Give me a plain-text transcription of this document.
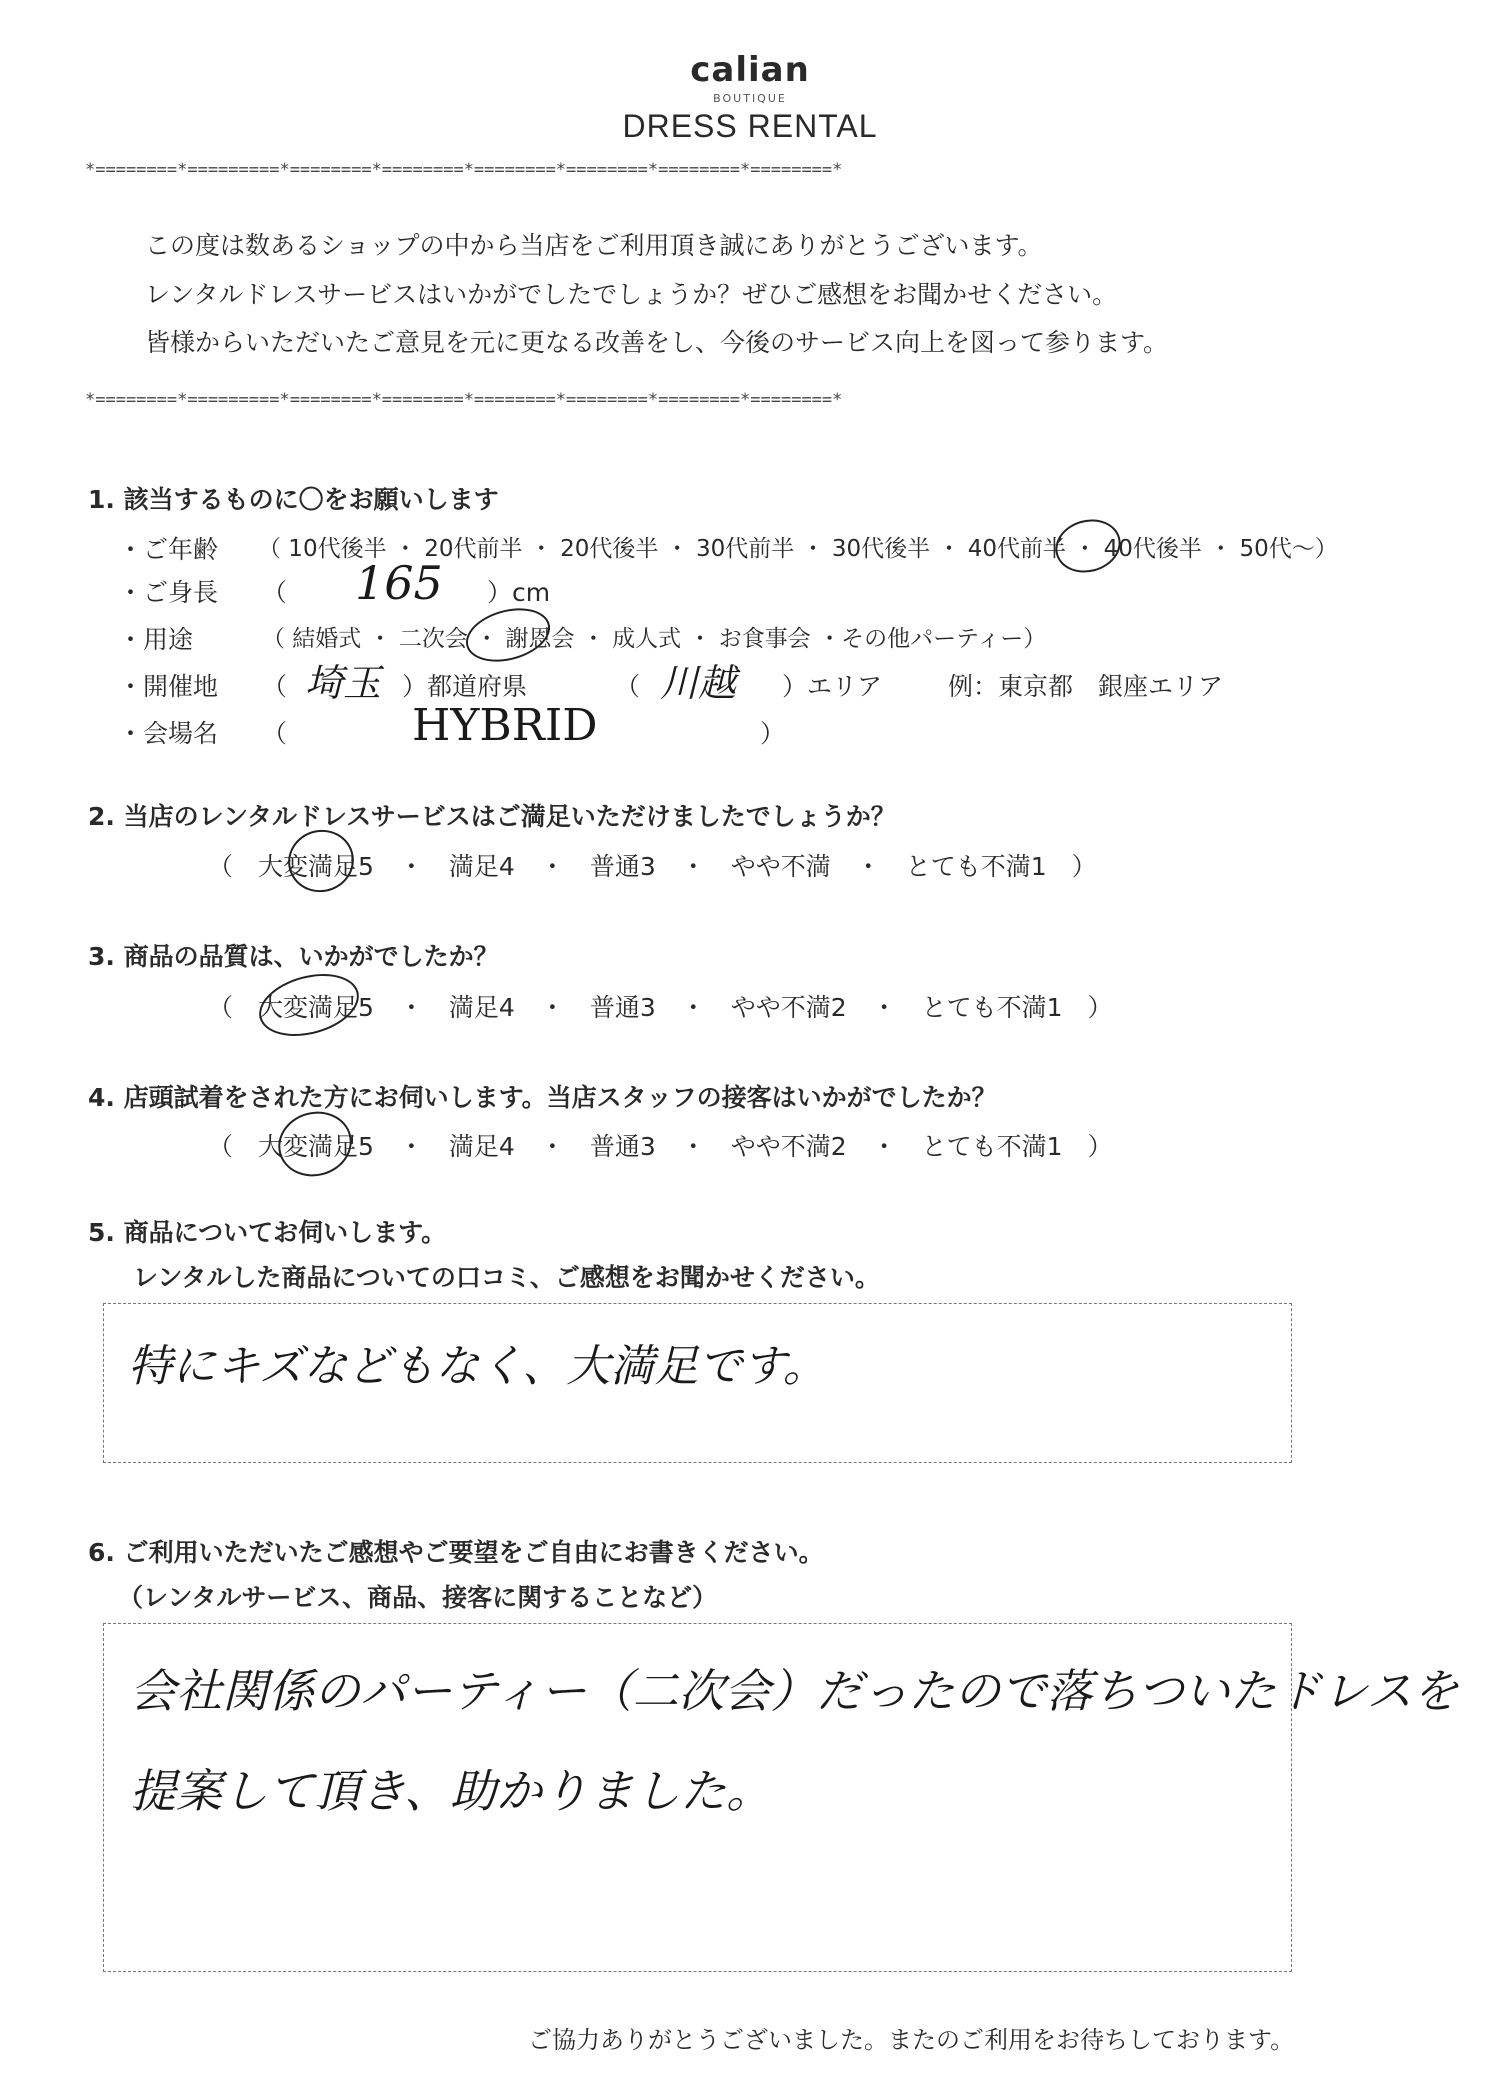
calian
BOUTIQUE
DRESS RENTAL
*========*=========*========*========*========*========*========*========*
この度は数あるショップの中から当店をご利用頂き誠にありがとうございます。
レンタルドレスサービスはいかがでしたでしょうか？ぜひご感想をお聞かせください。
皆様からいただいたご意見を元に更なる改善をし、今後のサービス向上を図って参ります。
*========*=========*========*========*========*========*========*========*
1. 該当するものに〇をお願いします
・ご年齢 （ 10代後半 ・ 20代前半 ・ 20代後半 ・ 30代前半 ・ 30代後半 ・ 40代前半 ・ 40代後半 ・ 50代～）
・ご身長 （ 165 ）cm
・用途	（ 結婚式 ・ 二次会 ・ 謝恩会 ・ 成人式 ・ お食事会 ・その他パーティー）
・開催地 （ 埼玉 ）都道府県	（ 川越 ）エリア	例：東京都　銀座エリア
・会場名 （	HYBRID	）
2. 当店のレンタルドレスサービスはご満足いただけましたでしょうか？
（　大変満足5　・　満足4　・　普通3　・　やや不満　・　とても不満1　）
3. 商品の品質は、いかがでしたか？
（　大変満足5　・　満足4　・　普通3　・　やや不満2　・　とても不満1　）
4. 店頭試着をされた方にお伺いします。当店スタッフの接客はいかがでしたか？
（　大変満足5　・　満足4　・　普通3　・　やや不満2　・　とても不満1　）
5. 商品についてお伺いします。
レンタルした商品についての口コミ、ご感想をお聞かせください。
特にキズなどもなく、大満足です。
6. ご利用いただいたご感想やご要望をご自由にお書きください。
（レンタルサービス、商品、接客に関することなど）
会社関係のパーティー（二次会）だったので落ちついたドレスを
提案して頂き、助かりました。
ご協力ありがとうございました。またのご利用をお待ちしております。
